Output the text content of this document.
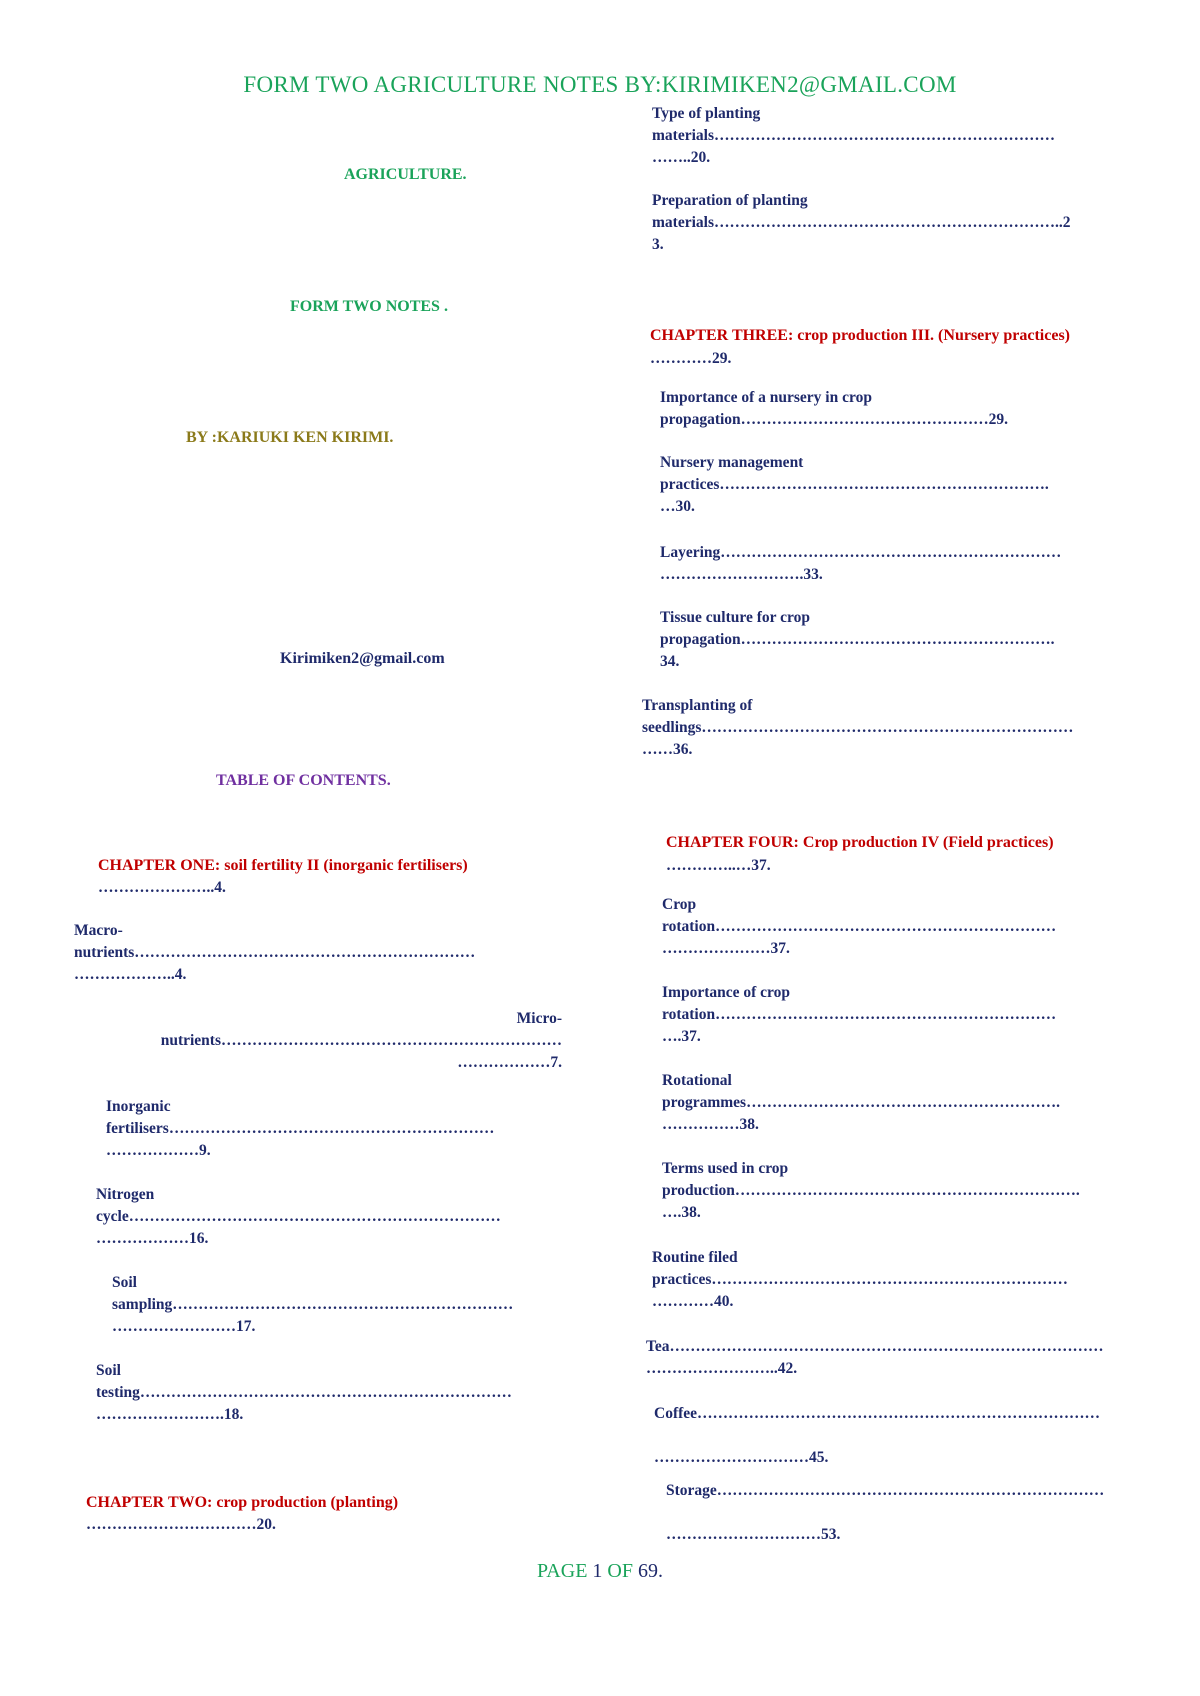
FORM TWO AGRICULTURE NOTES BY:KIRIMIKEN2@GMAIL.COM
AGRICULTURE.
FORM TWO NOTES .
BY :KARIUKI KEN KIRIMI.
Kirimiken2@gmail.com
TABLE OF CONTENTS.
CHAPTER ONE: soil fertility II (inorganic fertilisers)
…………………..4.
Macro-
nutrients…………………………………………………………
………………..4.
Micro-
nutrients…………………………………………………………
………………7.
Inorganic
fertilisers………………………………………………………
………………9.
Nitrogen
cycle………………………………………………………………
………………16.
Soil
sampling…………………………………………………………
……………………17.
Soil
testing………………………………………………………………
…………………….18.
CHAPTER TWO: crop production (planting)
……………………………20.
Type of planting
materials…………………………………………………………
……..20.
Preparation of planting
materials…………………………………………………………..2
3.
CHAPTER THREE: crop production III. (Nursery practices)
…………29.
Importance of a nursery in crop
propagation…………………………………………29.
Nursery management
practices……………………………………………………….
…30.
Layering…………………………………………………………
……………………….33.
Tissue culture for crop
propagation…………………………………………………….
34.
Transplanting of
seedlings………………………………………………………………
……36.
CHAPTER FOUR: Crop production IV (Field practices)
…………..…37.
Crop
rotation…………………………………………………………
…………………37.
Importance of crop
rotation…………………………………………………………
….37.
Rotational
programmes…………………………………………………….
……………38.
Terms used in crop
production………………………………………………………….
….38.
Routine filed
practices……………………………………………………………
…………40.
Tea…………………………………………………………………………
……………………..42.
Coffee……………………………………………………………………

…………………………45.
Storage…………………………………………………………………

…………………………53.
PAGE 1 OF 69.
